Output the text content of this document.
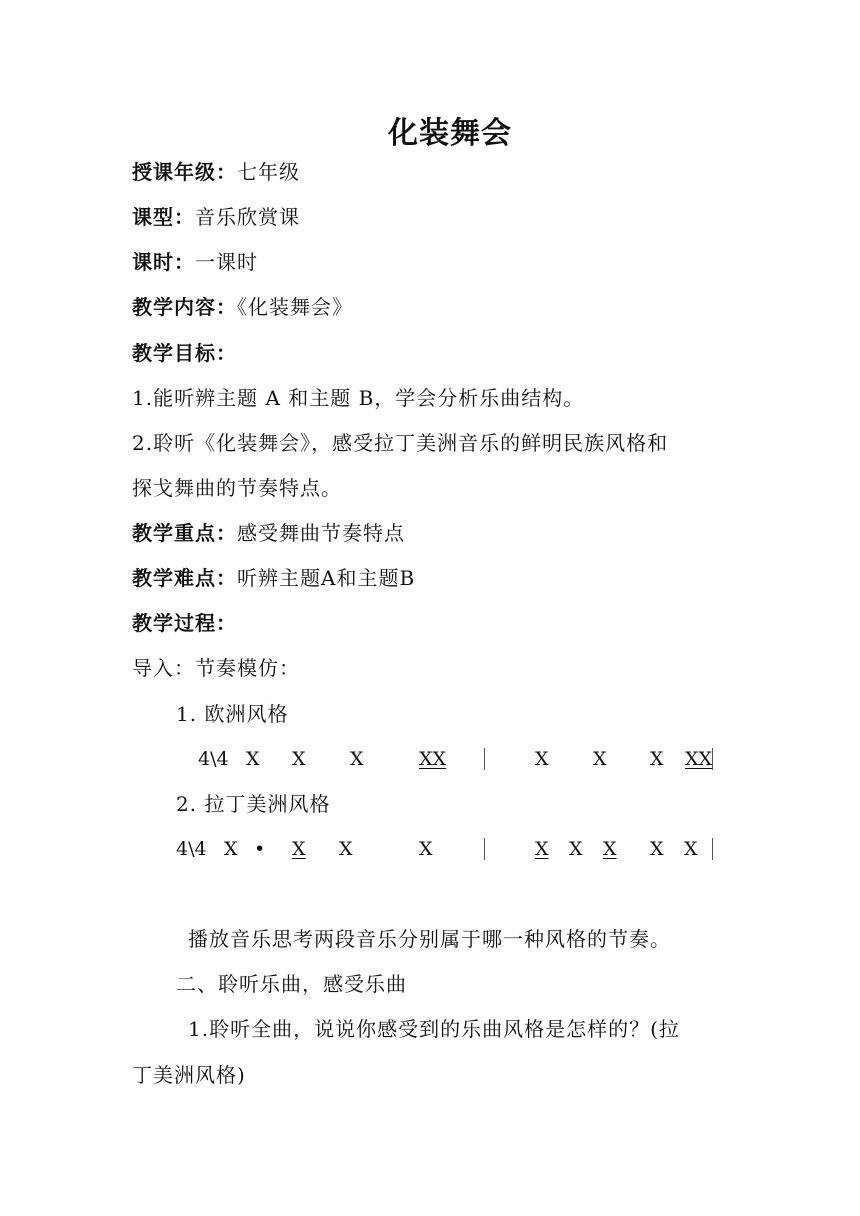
化装舞会
授课年级：七年级
课型：音乐欣赏课
课时：一课时
教学内容：《化装舞会》
教学目标：
1.能听辨主题 A 和主题 B，学会分析乐曲结构。
2.聆听《化装舞会》，感受拉丁美洲音乐的鲜明民族风格和
探戈舞曲的节奏特点。
教学重点：感受舞曲节奏特点
教学难点：听辨主题A和主题B
教学过程：
导入：节奏模仿：
1. 欧洲风格
4\4 X X X	XX	X X X XX
2. 拉丁美洲风格
4\4 X • X X	X	X X X X X
播放音乐思考两段音乐分别属于哪一种风格的节奏。
二、聆听乐曲，感受乐曲
1.聆听全曲，说说你感受到的乐曲风格是怎样的？(拉
丁美洲风格)
